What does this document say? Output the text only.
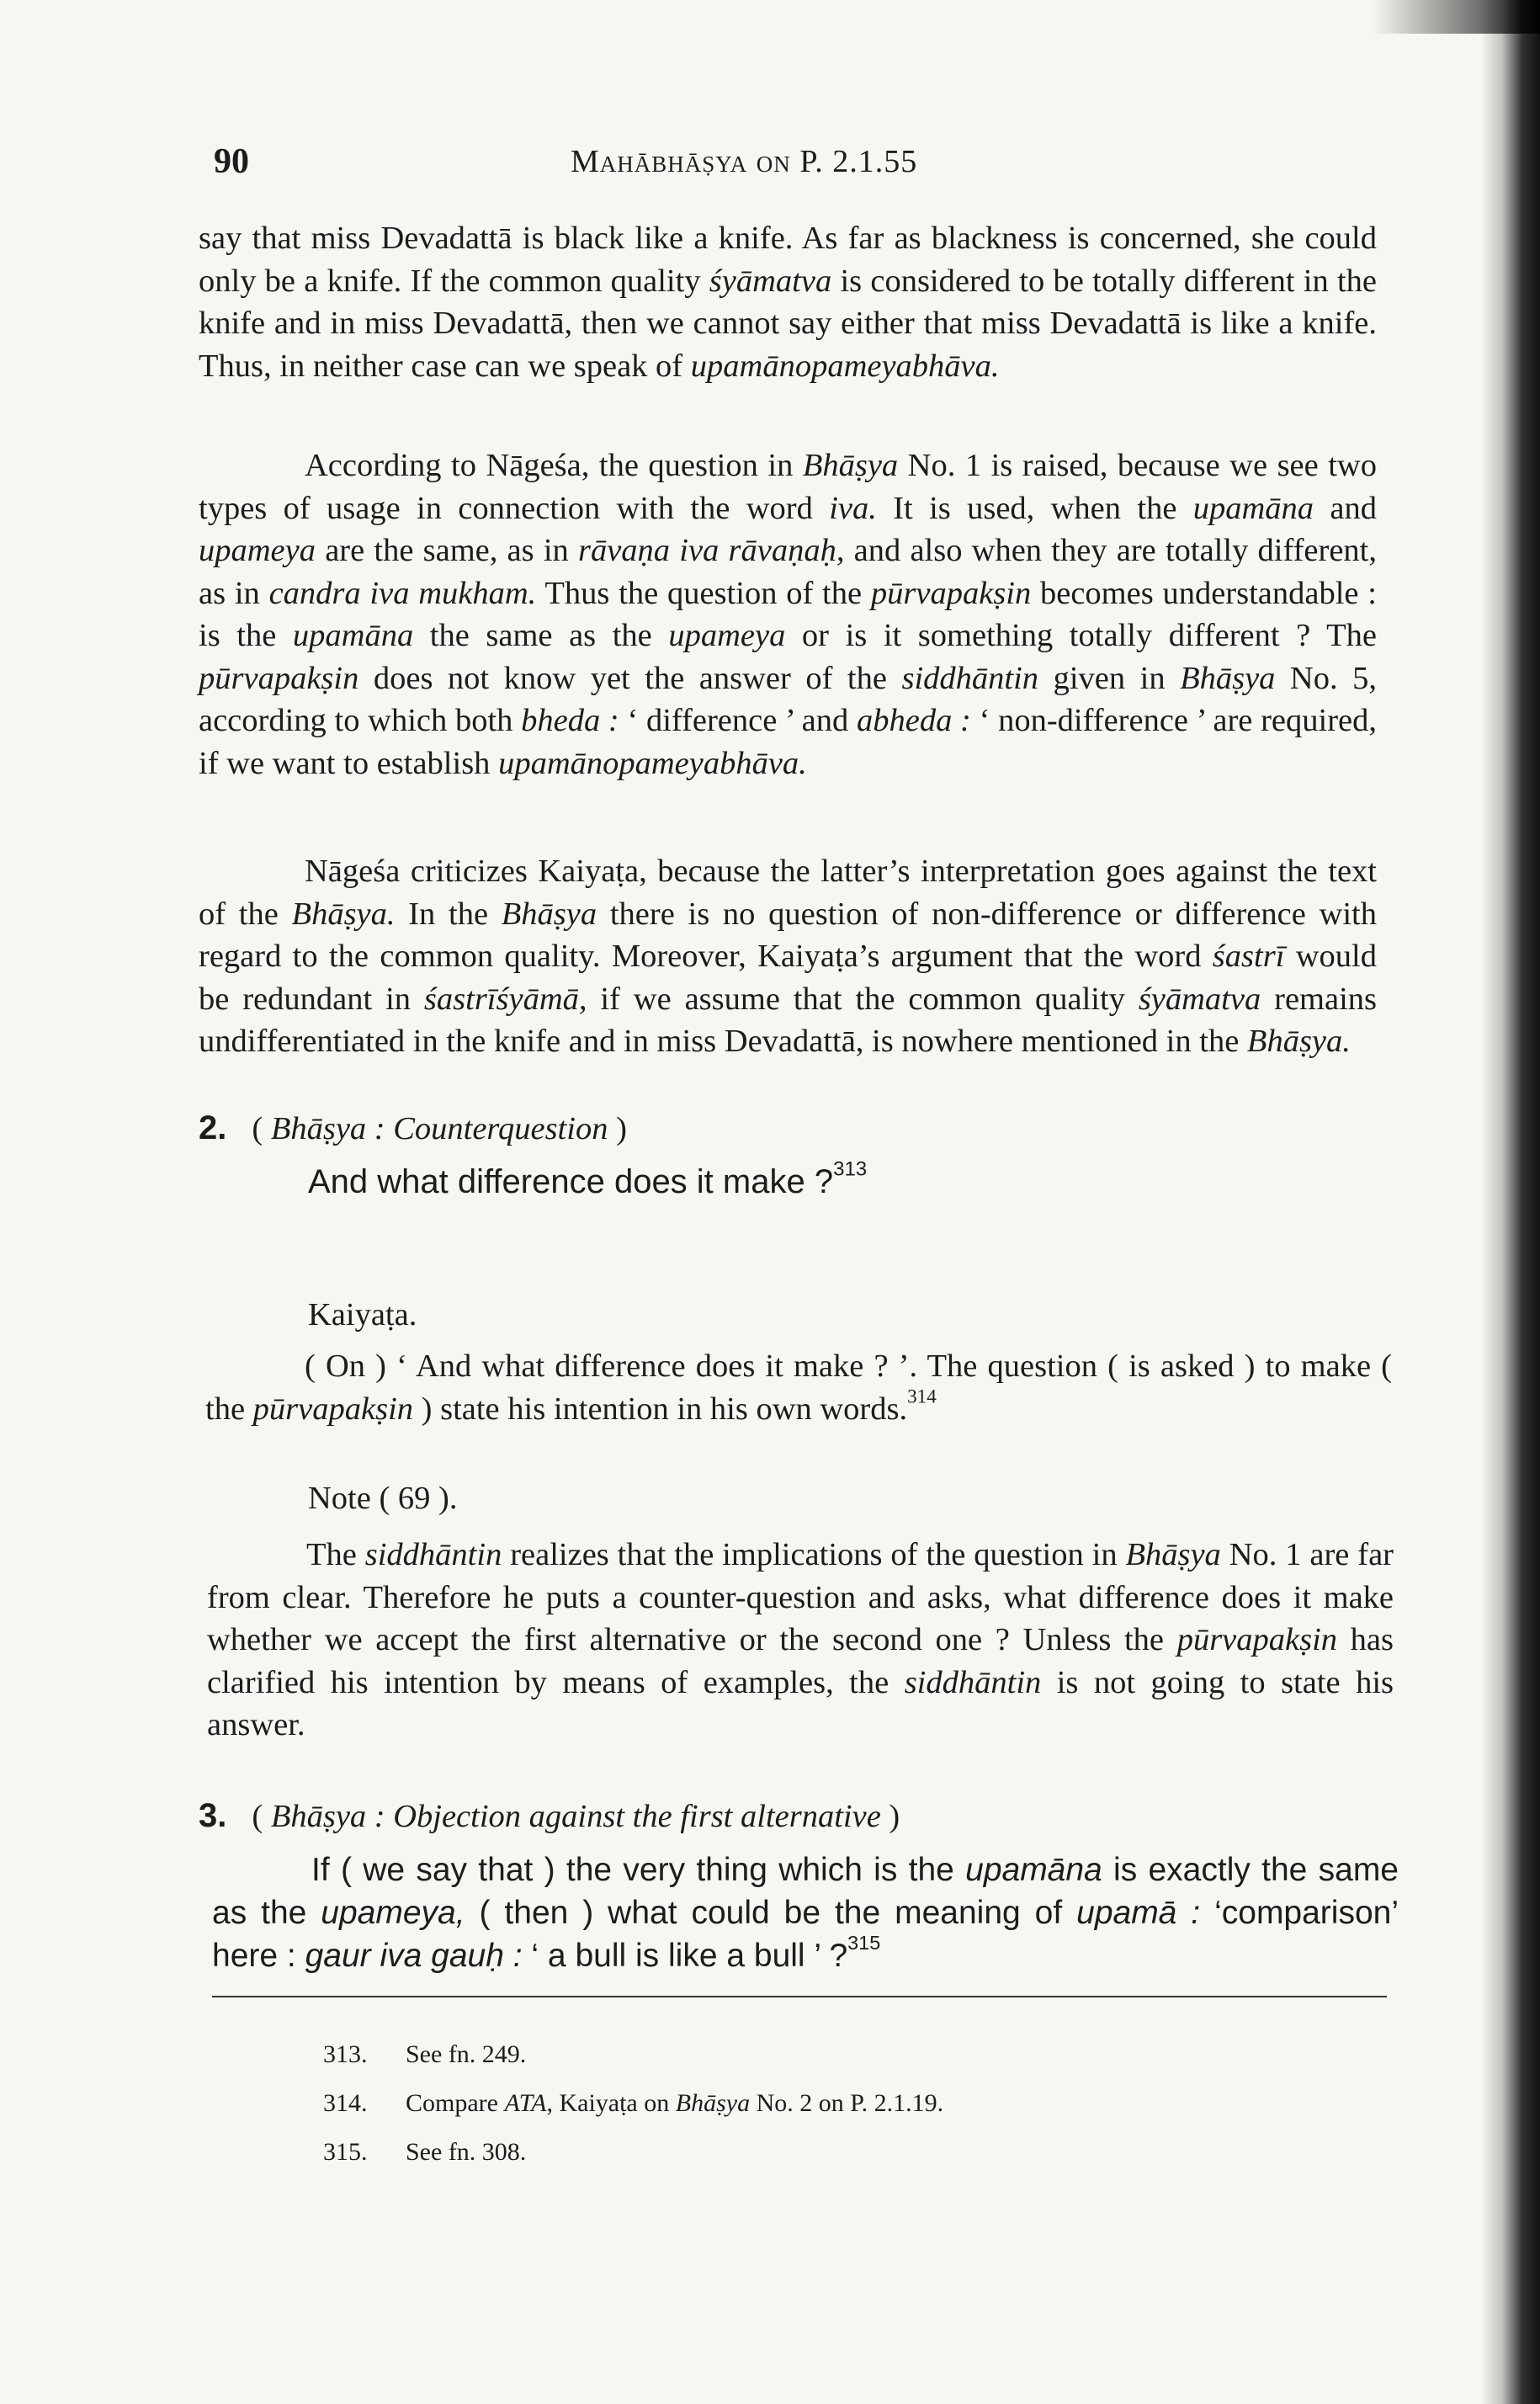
90	Mahābhāṣya on P. 2.1.55

say that miss Devadattā is black like a knife. As far as blackness is concerned, she could only be a knife. If the common quality śyāmatva is considered to be totally different in the knife and in miss Devadattā, then we cannot say either that miss Devadattā is like a knife. Thus, in neither case can we speak of upamānopameyabhāva.

According to Nāgeśa, the question in Bhāṣya No. 1 is raised, because we see two types of usage in connection with the word iva. It is used, when the upamāna and upameya are the same, as in rāvaṇa iva rāvaṇaḥ, and also when they are totally different, as in candra iva mukham. Thus the question of the pūrvapakṣin becomes understandable : is the upamāna the same as the upameya or is it something totally different ? The pūrvapakṣin does not know yet the answer of the siddhāntin given in Bhāṣya No. 5, according to which both bheda : ‘ difference ’ and abheda : ‘ non-difference ’ are required, if we want to establish upamānopameyabhāva.

Nāgeśa criticizes Kaiyaṭa, because the latter’s interpretation goes against the text of the Bhāṣya. In the Bhāṣya there is no question of non-difference or difference with regard to the common quality. Moreover, Kaiyaṭa’s argument that the word śastrī would be redundant in śastrīśyāmā, if we assume that the common quality śyāmatva remains undifferentiated in the knife and in miss Devadattā, is nowhere mentioned in the Bhāṣya.

2. ( Bhāṣya : Counterquestion )
And what difference does it make ?$^{313}$
Kaiyaṭa.

( On ) ‘ And what difference does it make ? ’. The question ( is asked ) to make ( the pūrvapakṣin ) state his intention in his own words.$^{314}$

Note ( 69 ).

The siddhāntin realizes that the implications of the question in Bhāṣya No. 1 are far from clear. Therefore he puts a counter-question and asks, what difference does it make whether we accept the first alternative or the second one ? Unless the pūrvapakṣin has clarified his intention by means of examples, the siddhāntin is not going to state his answer.

3. ( Bhāṣya : Objection against the first alternative )

If ( we say that ) the very thing which is the upamāna is exactly the same as the upameya, ( then ) what could be the meaning of upamā : ‘comparison’ here : gaur iva gauḥ : ‘ a bull is like a bull ’ ?$^{315}$

313. See fn. 249.
314. Compare ATA, Kaiyaṭa on Bhāṣya No. 2 on P. 2.1.19.
315. See fn. 308.
